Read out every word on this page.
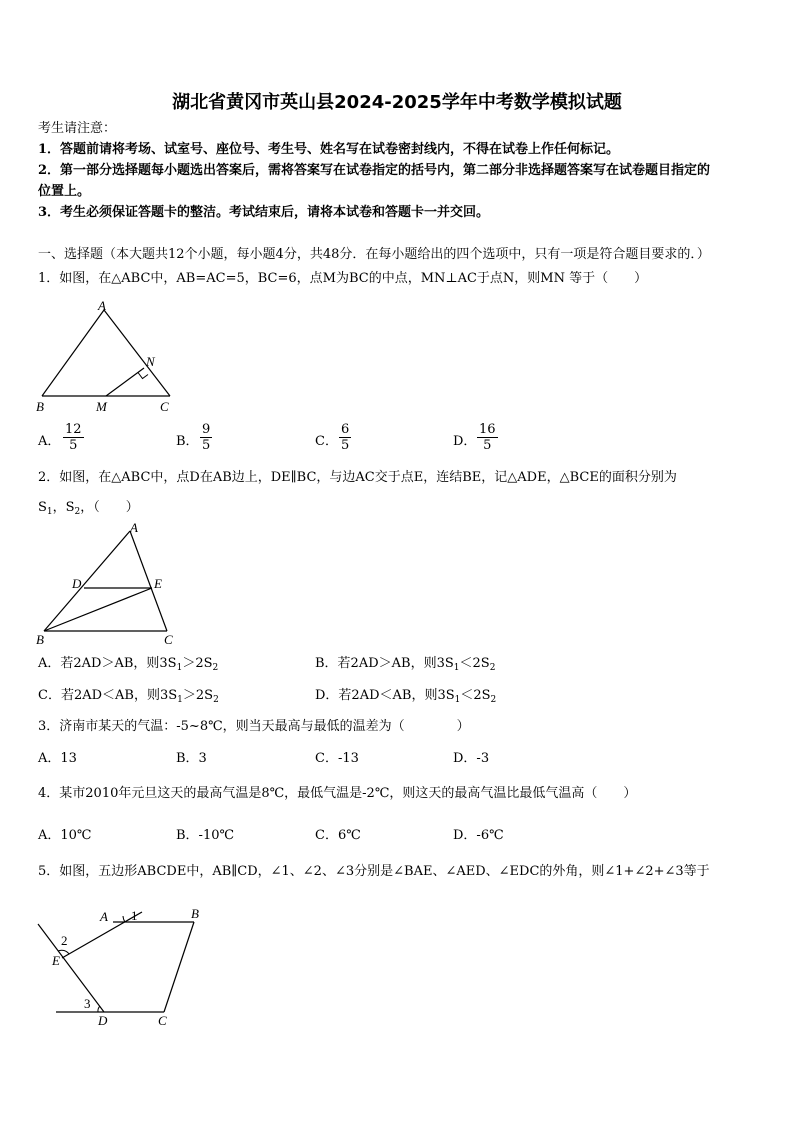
湖北省黄冈市英山县2024-2025学年中考数学模拟试题
考生请注意：
1．答题前请将考场、试室号、座位号、考生号、姓名写在试卷密封线内，不得在试卷上作任何标记。
2．第一部分选择题每小题选出答案后，需将答案写在试卷指定的括号内，第二部分非选择题答案写在试卷题目指定的
位置上。
3．考生必须保证答题卡的整洁。考试结束后，请将本试卷和答题卡一并交回。
一、选择题（本大题共12个小题，每小题4分，共48分．在每小题给出的四个选项中，只有一项是符合题目要求的．）
1．如图，在△ABC中，AB=AC=5，BC=6，点M为BC的中点，MN⊥AC于点N，则MN 等于（　　）
A
B	C
M
N
A． $\frac{12}{5}$	B． $\frac{9}{5}$	C． $\frac{6}{5}$	D． $\frac{16}{5}$
2．如图，在△ABC中，点D在AB边上，DE∥BC，与边AC交于点E，连结BE，记△ADE，△BCE的面积分别为
$S_1$，$S_2$，（　　）
A
B	C
D	E
A．若2AD＞AB，则$3S_1>2S_2$	B．若2AD＞AB，则$3S_1<2S_2$
C．若2AD＜AB，则$3S_1>2S_2$	D．若2AD＜AB，则$3S_1<2S_2$
3．济南市某天的气温：-5~8℃，则当天最高与最低的温差为（　　　　）
A．13	B．3	C．-13	D．-3
4．某市2010年元旦这天的最高气温是8℃，最低气温是-2℃，则这天的最高气温比最低气温高（　　）
A．10℃	B．-10℃	C．6℃	D．-6℃
5．如图，五边形ABCDE中，AB∥CD，∠1、∠2、∠3分别是∠BAE、∠AED、∠EDC的外角，则∠1+∠2+∠3等于
A	B
C
D
E
1
2
3
